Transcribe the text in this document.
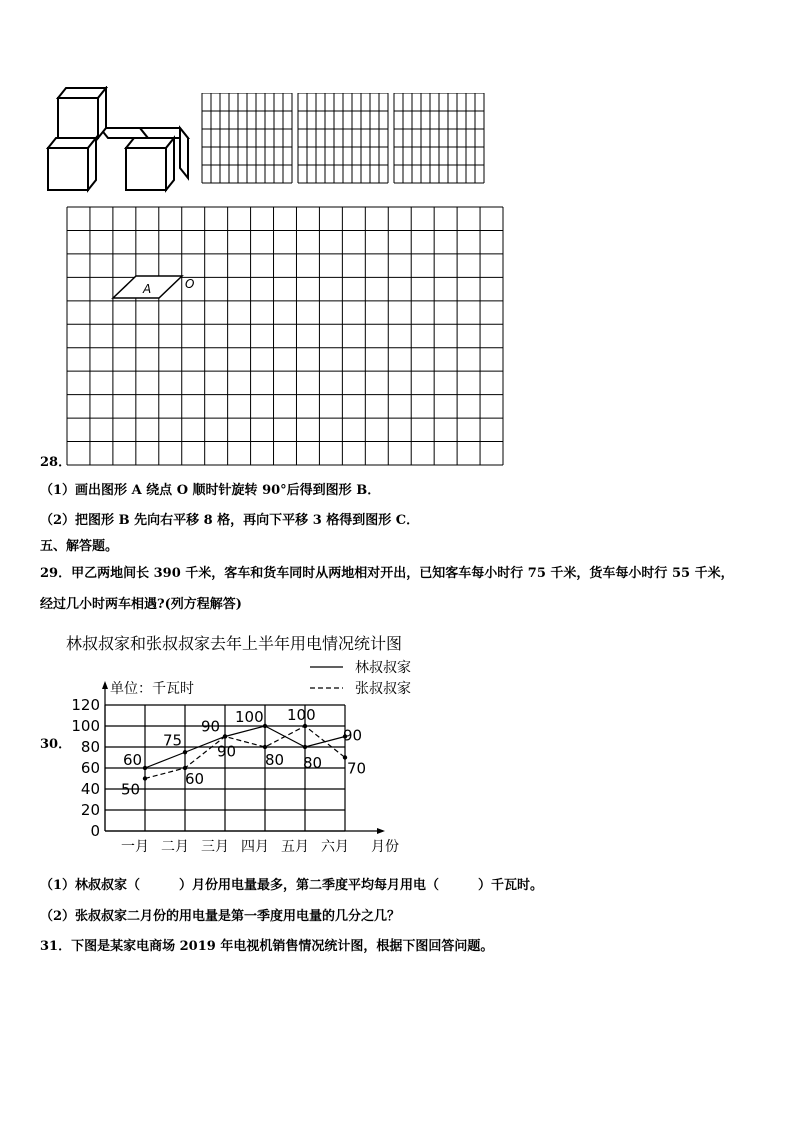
A	O
28．
（1）画出图形 A 绕点 O 顺时针旋转 90°后得到图形 B．
（2）把图形 B 先向右平移 8 格，再向下平移 3 格得到图形 C．
五、解答题。
29．甲乙两地间长 390 千米，客车和货车同时从两地相对开出，已知客车每小时行 75 千米，货车每小时行 55 千米，
经过几小时两车相遇?(列方程解答)
林叔叔家和张叔叔家去年上半年用电情况统计图
30．
单位：千瓦时
0
20
40
60
80
100
120
一月 二月 三月 四月 五月 六月 月份
60
75
90
100
80
90
50
60
90 80
100
70
林叔叔家
张叔叔家
（1）林叔叔家（　　　）月份用电量最多，第二季度平均每月用电（　　　）千瓦时。
（2）张叔叔家二月份的用电量是第一季度用电量的几分之几？
31．下图是某家电商场 2019 年电视机销售情况统计图，根据下图回答问题。
